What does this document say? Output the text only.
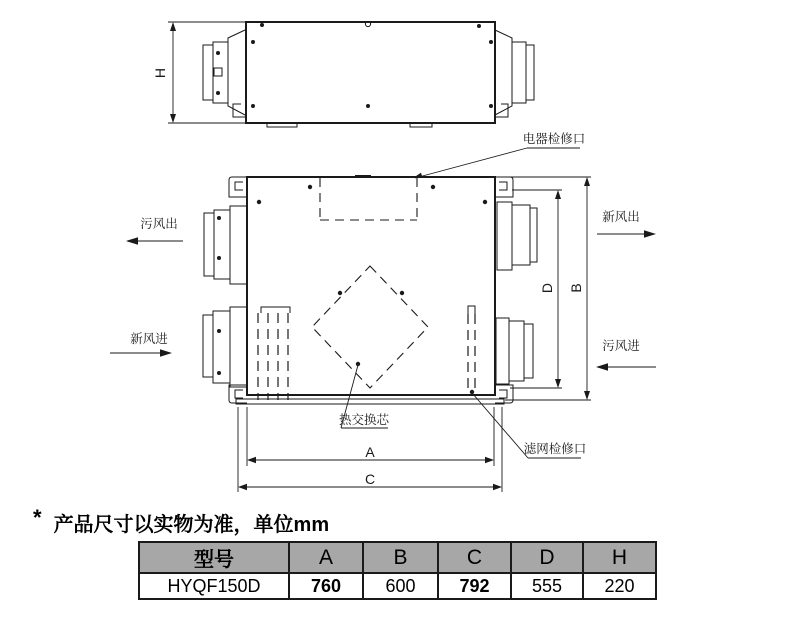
H
电器检修口
热交换芯
滤网检修口
A
C
D B
污风出
新风进
新风出
污风进
* 产品尺寸以实物为准，单位mm
型号	A	B	C	D	H
HYQF150D	760	600	792	555	220
